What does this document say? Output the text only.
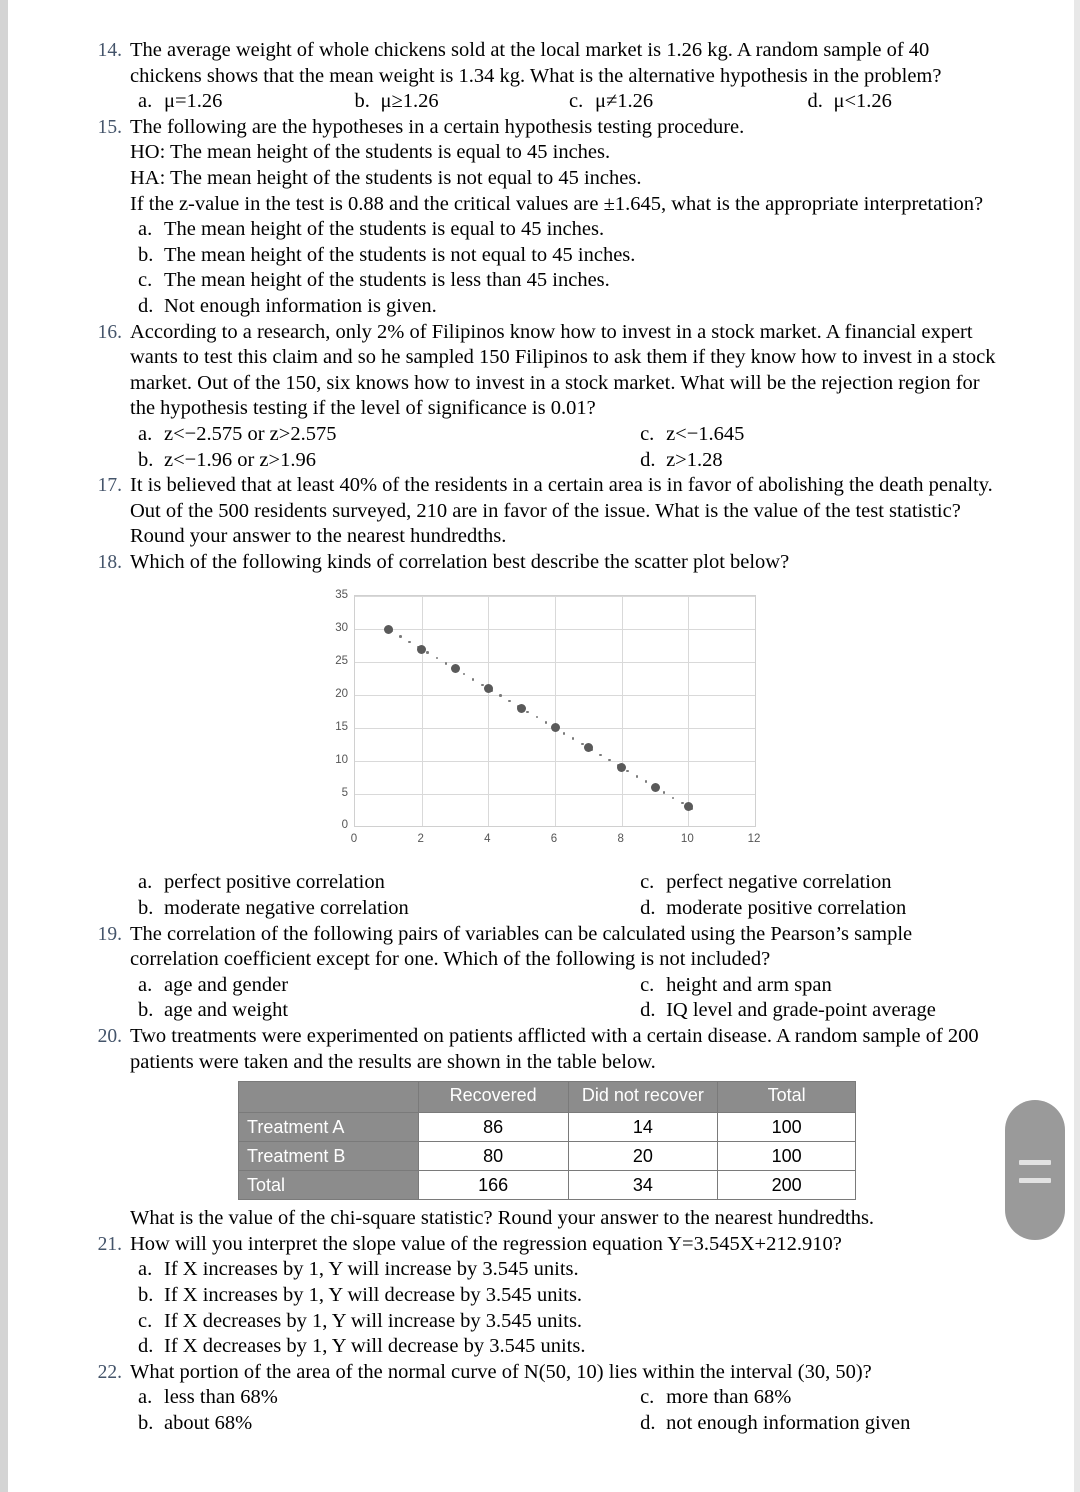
14. The average weight of whole chickens sold at the local market is 1.26 kg. A random sample of 40 chickens shows that the mean weight is 1.34 kg. What is the alternative hypothesis in the problem?
a. μ=1.26	b. μ≥1.26	c. μ≠1.26	d. μ<1.26
15. The following are the hypotheses in a certain hypothesis testing procedure.
HO: The mean height of the students is equal to 45 inches.
HA: The mean height of the students is not equal to 45 inches.
If the z-value in the test is 0.88 and the critical values are ±1.645, what is the appropriate interpretation?
a. The mean height of the students is equal to 45 inches.
b. The mean height of the students is not equal to 45 inches.
c. The mean height of the students is less than 45 inches.
d. Not enough information is given.
16. According to a research, only 2% of Filipinos know how to invest in a stock market. A financial expert wants to test this claim and so he sampled 150 Filipinos to ask them if they know how to invest in a stock market. Out of the 150, six knows how to invest in a stock market. What will be the rejection region for the hypothesis testing if the level of significance is 0.01?
a. z<−2.575 or z>2.575	c. z<−1.645
b. z<−1.96 or z>1.96	d. z>1.28
17. It is believed that at least 40% of the residents in a certain area is in favor of abolishing the death penalty. Out of the 500 residents surveyed, 210 are in favor of the issue. What is the value of the test statistic? Round your answer to the nearest hundredths.
18. Which of the following kinds of correlation best describe the scatter plot below?
0
5
10
15
20
25
30
35
0	2	4	6	8	10	12
a. perfect positive correlation	c. perfect negative correlation
b. moderate negative correlation	d. moderate positive correlation
19. The correlation of the following pairs of variables can be calculated using the Pearson’s sample correlation coefficient except for one. Which of the following is not included?
a. age and gender	c. height and arm span
b. age and weight	d. IQ level and grade-point average
20. Two treatments were experimented on patients afflicted with a certain disease. A random sample of 200 patients were taken and the results are shown in the table below.
	Recovered	Did not recover	Total
Treatment A	86	14	100
Treatment B	80	20	100
Total	166	34	200
What is the value of the chi-square statistic? Round your answer to the nearest hundredths.
21. How will you interpret the slope value of the regression equation Y=3.545X+212.910?
a. If X increases by 1, Y will increase by 3.545 units.
b. If X increases by 1, Y will decrease by 3.545 units.
c. If X decreases by 1, Y will increase by 3.545 units.
d. If X decreases by 1, Y will decrease by 3.545 units.
22. What portion of the area of the normal curve of N(50, 10) lies within the interval (30, 50)?
a. less than 68%	c. more than 68%
b. about 68%	d. not enough information given
